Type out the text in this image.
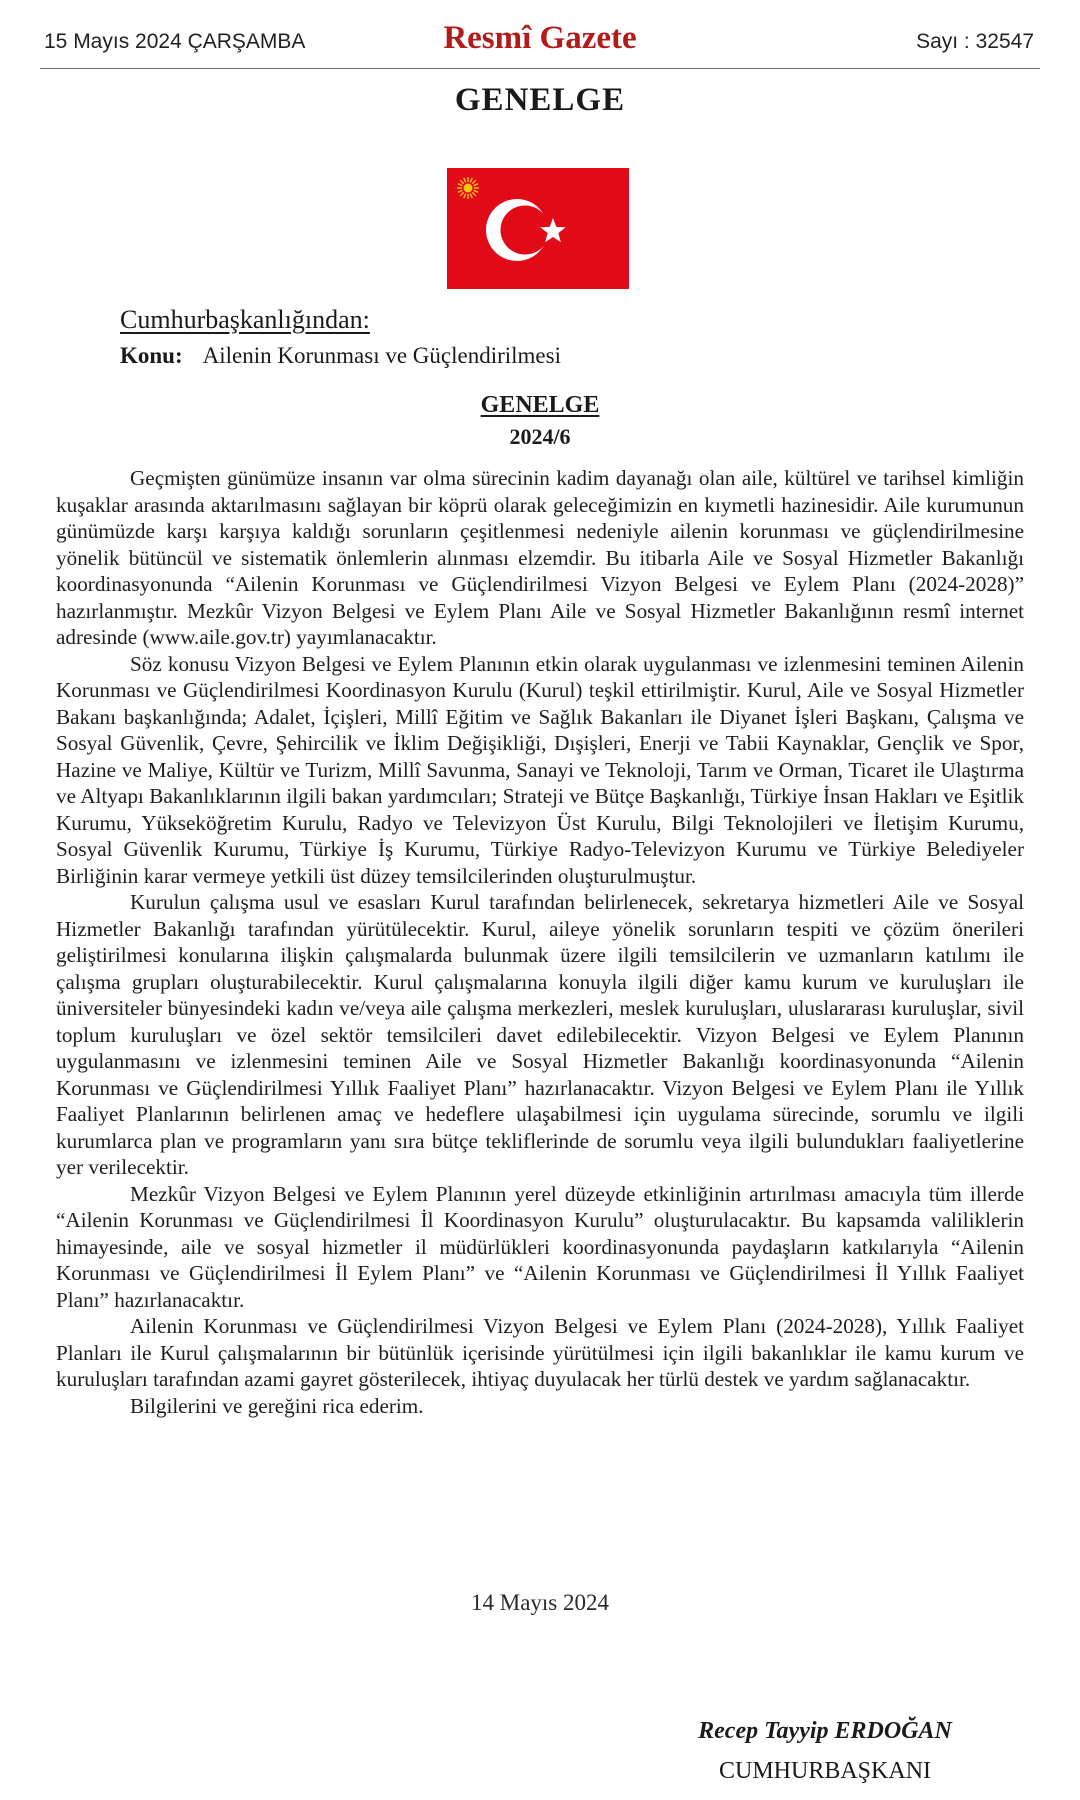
15 Mayıs 2024 ÇARŞAMBA	Resmî Gazete	Sayı : 32547
GENELGE
Cumhurbaşkanlığından:
Konu: Ailenin Korunması ve Güçlendirilmesi
GENELGE
2024/6

Geçmişten günümüze insanın var olma sürecinin kadim dayanağı olan aile, kültürel ve tarihsel kimliğin kuşaklar arasında aktarılmasını sağlayan bir köprü olarak geleceğimizin en kıymetli hazinesidir. Aile kurumunun günümüzde karşı karşıya kaldığı sorunların çeşitlenmesi nedeniyle ailenin korunması ve güçlendirilmesine yönelik bütüncül ve sistematik önlemlerin alınması elzemdir. Bu itibarla Aile ve Sosyal Hizmetler Bakanlığı koordinasyonunda “Ailenin Korunması ve Güçlendirilmesi Vizyon Belgesi ve Eylem Planı (2024-2028)” hazırlanmıştır. Mezkûr Vizyon Belgesi ve Eylem Planı Aile ve Sosyal Hizmetler Bakanlığının resmî internet adresinde (www.aile.gov.tr) yayımlanacaktır.

Söz konusu Vizyon Belgesi ve Eylem Planının etkin olarak uygulanması ve izlenmesini teminen Ailenin Korunması ve Güçlendirilmesi Koordinasyon Kurulu (Kurul) teşkil ettirilmiştir. Kurul, Aile ve Sosyal Hizmetler Bakanı başkanlığında; Adalet, İçişleri, Millî Eğitim ve Sağlık Bakanları ile Diyanet İşleri Başkanı, Çalışma ve Sosyal Güvenlik, Çevre, Şehircilik ve İklim Değişikliği, Dışişleri, Enerji ve Tabii Kaynaklar, Gençlik ve Spor, Hazine ve Maliye, Kültür ve Turizm, Millî Savunma, Sanayi ve Teknoloji, Tarım ve Orman, Ticaret ile Ulaştırma ve Altyapı Bakanlıklarının ilgili bakan yardımcıları; Strateji ve Bütçe Başkanlığı, Türkiye İnsan Hakları ve Eşitlik Kurumu, Yükseköğretim Kurulu, Radyo ve Televizyon Üst Kurulu, Bilgi Teknolojileri ve İletişim Kurumu, Sosyal Güvenlik Kurumu, Türkiye İş Kurumu, Türkiye Radyo-Televizyon Kurumu ve Türkiye Belediyeler Birliğinin karar vermeye yetkili üst düzey temsilcilerinden oluşturulmuştur.

Kurulun çalışma usul ve esasları Kurul tarafından belirlenecek, sekretarya hizmetleri Aile ve Sosyal Hizmetler Bakanlığı tarafından yürütülecektir. Kurul, aileye yönelik sorunların tespiti ve çözüm önerileri geliştirilmesi konularına ilişkin çalışmalarda bulunmak üzere ilgili temsilcilerin ve uzmanların katılımı ile çalışma grupları oluşturabilecektir. Kurul çalışmalarına konuyla ilgili diğer kamu kurum ve kuruluşları ile üniversiteler bünyesindeki kadın ve/veya aile çalışma merkezleri, meslek kuruluşları, uluslararası kuruluşlar, sivil toplum kuruluşları ve özel sektör temsilcileri davet edilebilecektir. Vizyon Belgesi ve Eylem Planının uygulanmasını ve izlenmesini teminen Aile ve Sosyal Hizmetler Bakanlığı koordinasyonunda “Ailenin Korunması ve Güçlendirilmesi Yıllık Faaliyet Planı” hazırlanacaktır. Vizyon Belgesi ve Eylem Planı ile Yıllık Faaliyet Planlarının belirlenen amaç ve hedeflere ulaşabilmesi için uygulama sürecinde, sorumlu ve ilgili kurumlarca plan ve programların yanı sıra bütçe tekliflerinde de sorumlu veya ilgili bulundukları faaliyetlerine yer verilecektir.

Mezkûr Vizyon Belgesi ve Eylem Planının yerel düzeyde etkinliğinin artırılması amacıyla tüm illerde “Ailenin Korunması ve Güçlendirilmesi İl Koordinasyon Kurulu” oluşturulacaktır. Bu kapsamda valiliklerin himayesinde, aile ve sosyal hizmetler il müdürlükleri koordinasyonunda paydaşların katkılarıyla “Ailenin Korunması ve Güçlendirilmesi İl Eylem Planı” ve “Ailenin Korunması ve Güçlendirilmesi İl Yıllık Faaliyet Planı” hazırlanacaktır.

Ailenin Korunması ve Güçlendirilmesi Vizyon Belgesi ve Eylem Planı (2024-2028), Yıllık Faaliyet Planları ile Kurul çalışmalarının bir bütünlük içerisinde yürütülmesi için ilgili bakanlıklar ile kamu kurum ve kuruluşları tarafından azami gayret gösterilecek, ihtiyaç duyulacak her türlü destek ve yardım sağlanacaktır.

Bilgilerini ve gereğini rica ederim.

14 Mayıs 2024
Recep Tayyip ERDOĞAN
CUMHURBAŞKANI
